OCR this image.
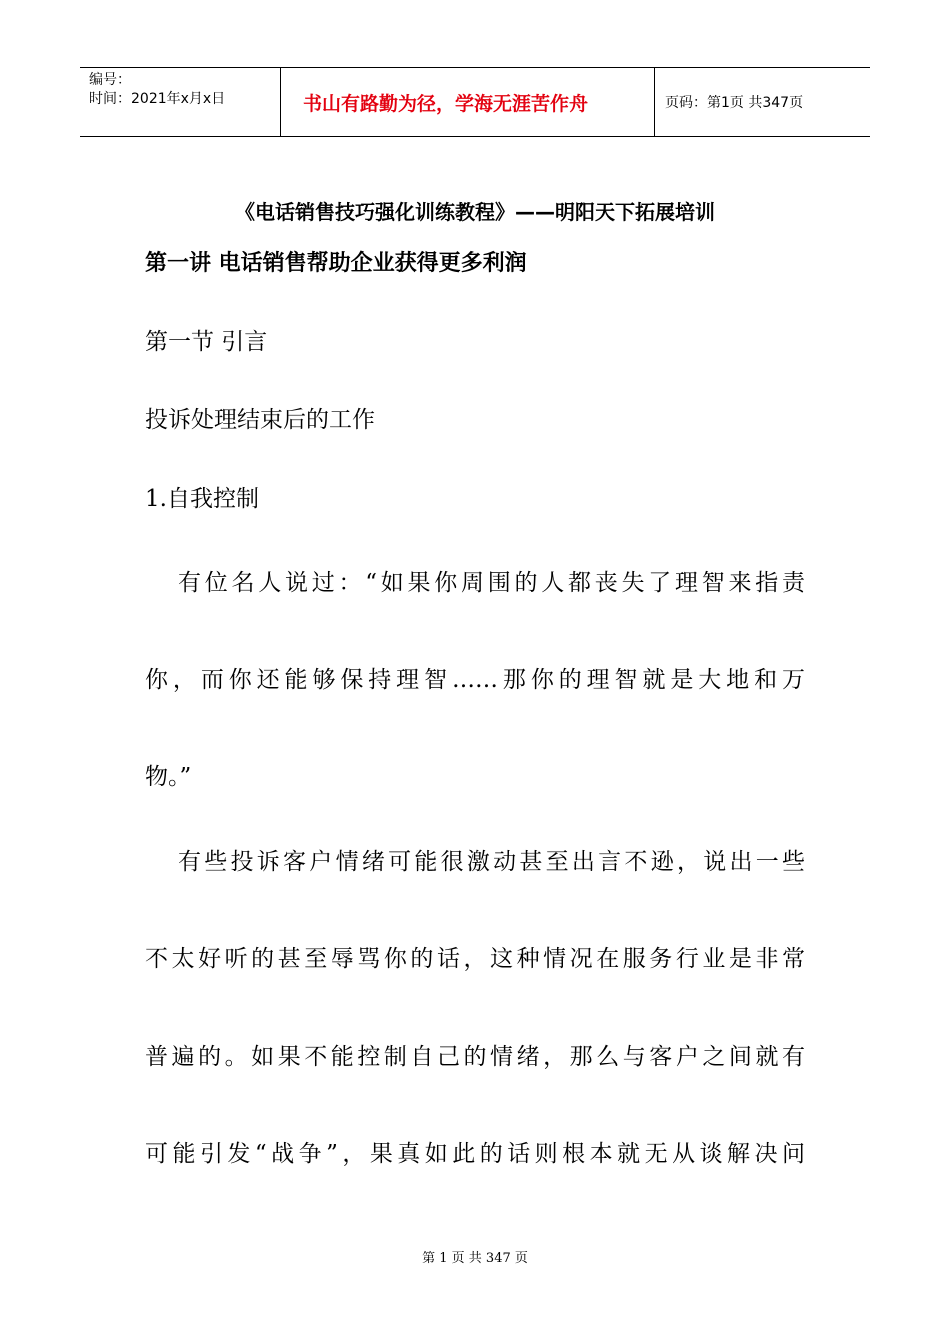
编号：
时间：2021年x月x日	书山有路勤为径，学海无涯苦作舟	页码：第1页 共347页
《电话销售技巧强化训练教程》——明阳天下拓展培训
第一讲 电话销售帮助企业获得更多利润
第一节 引言
投诉处理结束后的工作
1.自我控制
有位名人说过：“如果你周围的人都丧失了理智来指责
你，而你还能够保持理智……那你的理智就是大地和万
物。”
有些投诉客户情绪可能很激动甚至出言不逊，说出一些
不太好听的甚至辱骂你的话，这种情况在服务行业是非常
普遍的。如果不能控制自己的情绪，那么与客户之间就有
可能引发“战争”，果真如此的话则根本就无从谈解决问
第 1 页 共 347 页
